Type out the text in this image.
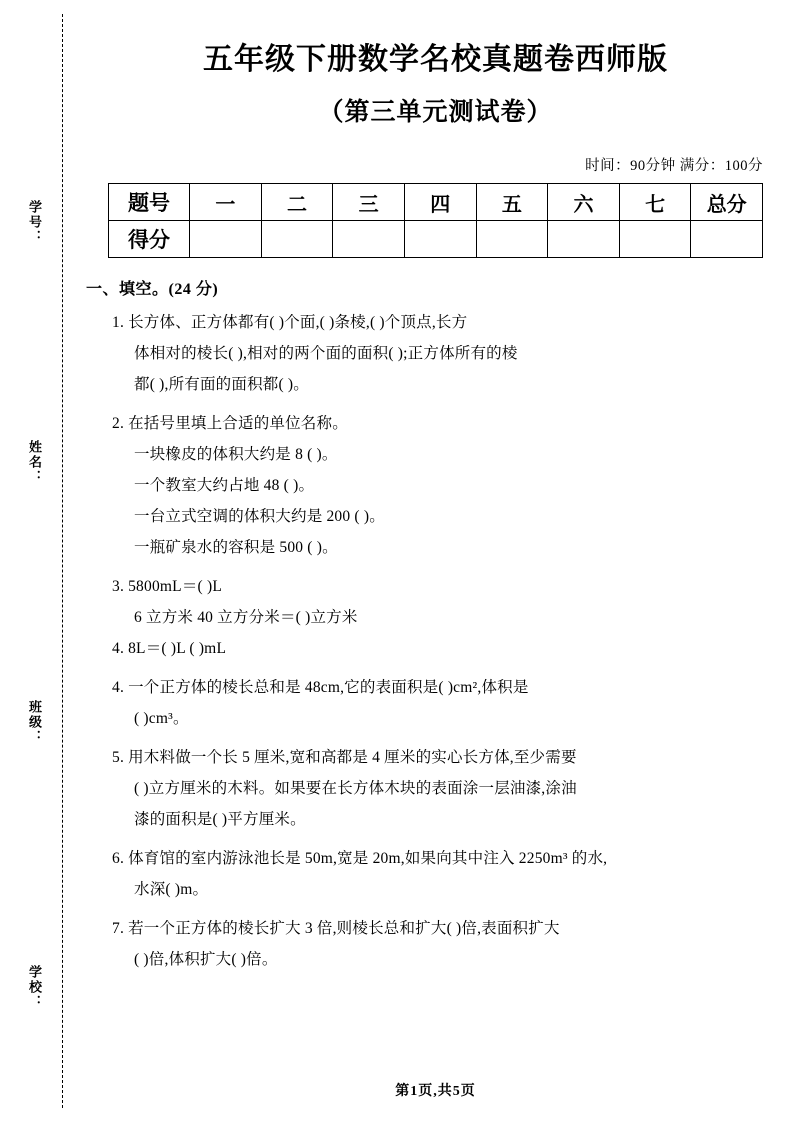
学号：
姓名：
班级：
学校：
五年级下册数学名校真题卷西师版
（第三单元测试卷）
时间：90分钟 满分：100分
题号	一	二	三	四	五	六	七	总分
得分								
一、填空。(24 分)
1. 长方体、正方体都有( )个面,( )条棱,( )个顶点,长方
体相对的棱长( ),相对的两个面的面积( );正方体所有的棱
都( ),所有面的面积都( )。
2. 在括号里填上合适的单位名称。
一块橡皮的体积大约是 8 ( )。
一个教室大约占地 48 ( )。
一台立式空调的体积大约是 200 ( )。
一瓶矿泉水的容积是 500 ( )。
3. 5800mL＝( )L
6 立方米 40 立方分米＝( )立方米
4. 8L＝( )L ( )mL
4. 一个正方体的棱长总和是 48cm,它的表面积是( )cm²,体积是
( )cm³。
5. 用木料做一个长 5 厘米,宽和高都是 4 厘米的实心长方体,至少需要
( )立方厘米的木料。如果要在长方体木块的表面涂一层油漆,涂油
漆的面积是( )平方厘米。
6. 体育馆的室内游泳池长是 50m,宽是 20m,如果向其中注入 2250m³ 的水,
水深( )m。
7. 若一个正方体的棱长扩大 3 倍,则棱长总和扩大( )倍,表面积扩大
( )倍,体积扩大( )倍。
第1页,共5页
